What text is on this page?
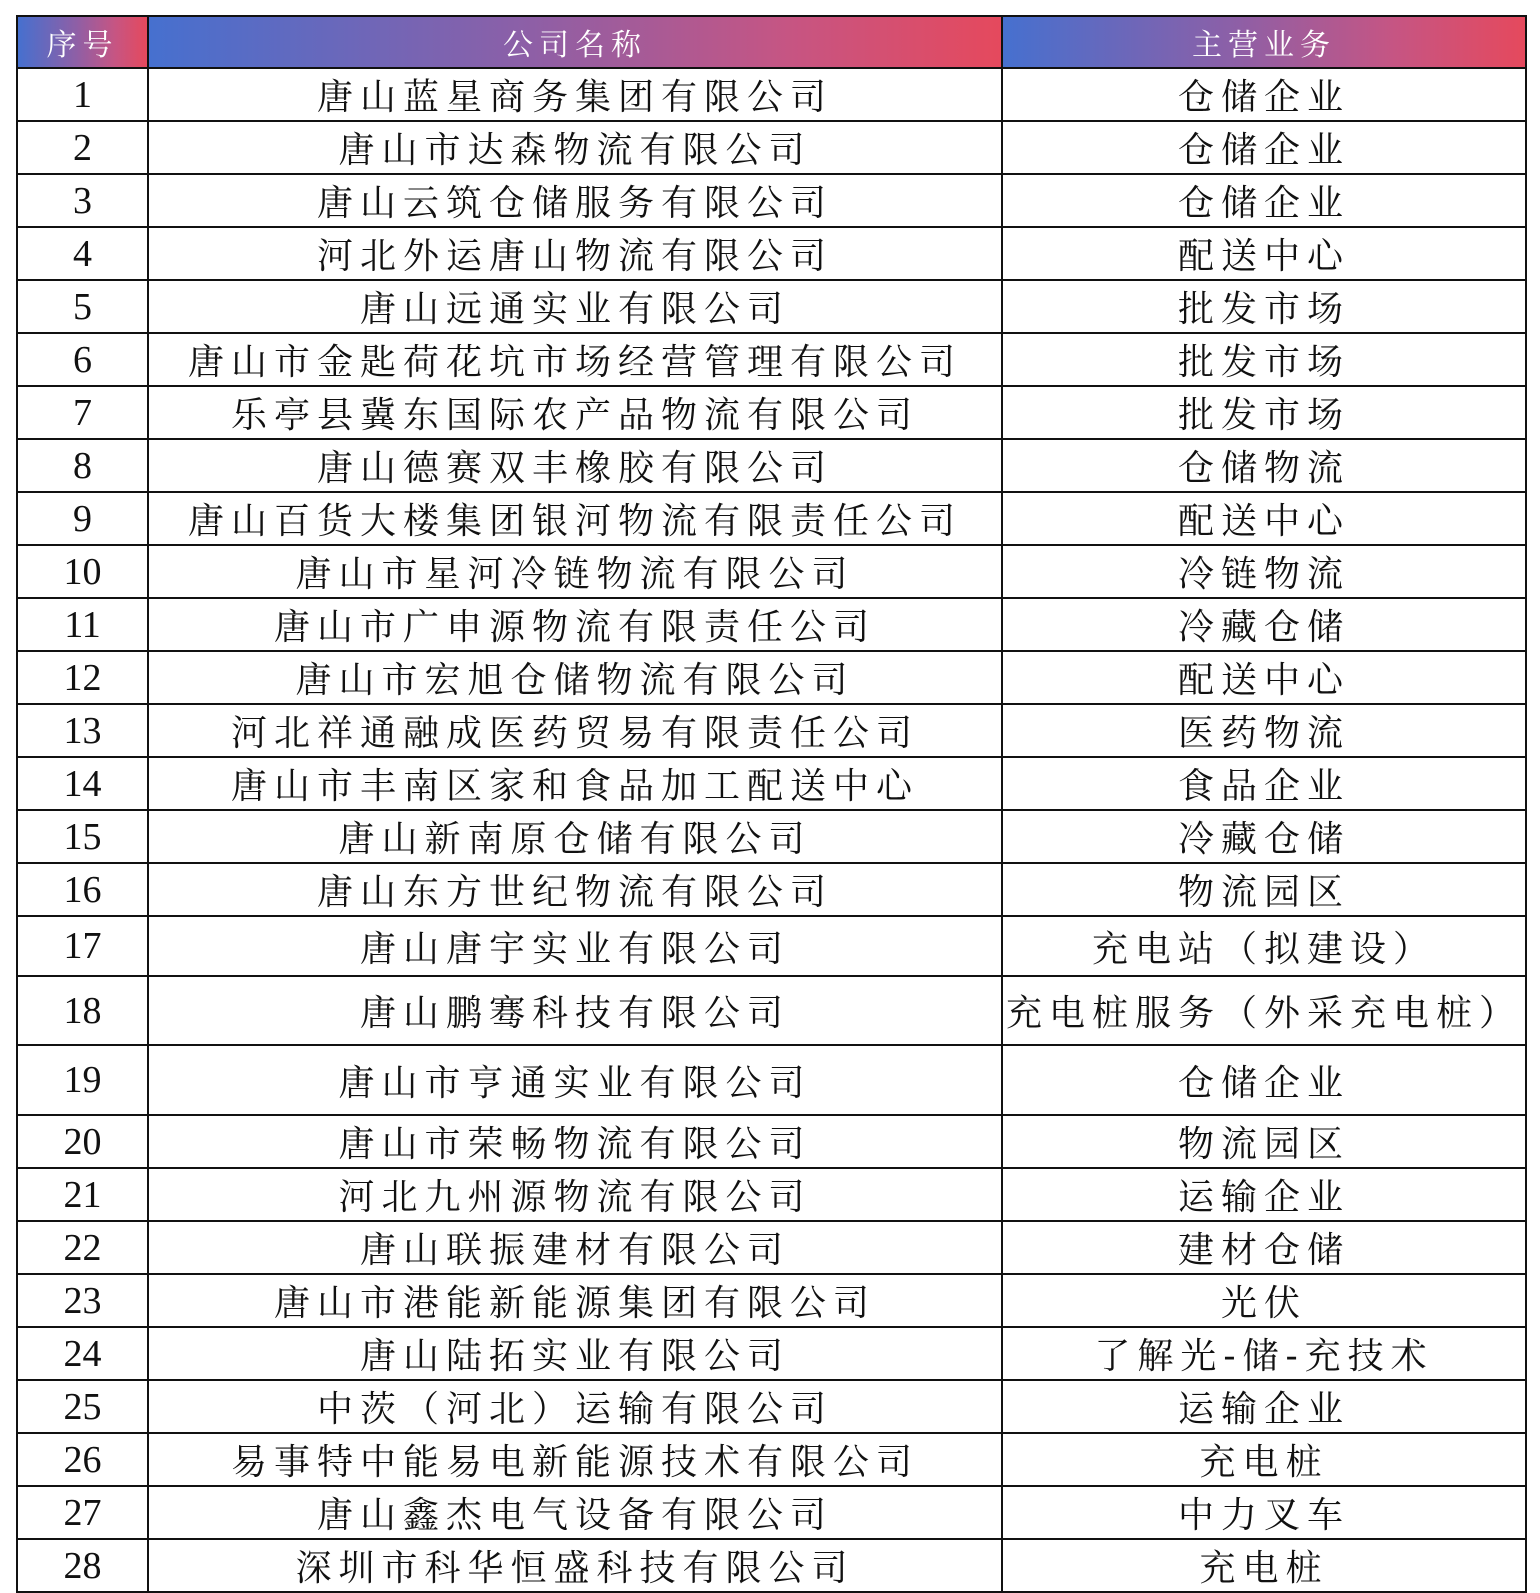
序号	公司名称	主营业务
1	唐山蓝星商务集团有限公司	仓储企业
2	唐山市达森物流有限公司	仓储企业
3	唐山云筑仓储服务有限公司	仓储企业
4	河北外运唐山物流有限公司	配送中心
5	唐山远通实业有限公司	批发市场
6	唐山市金匙荷花坑市场经营管理有限公司	批发市场
7	乐亭县冀东国际农产品物流有限公司	批发市场
8	唐山德赛双丰橡胶有限公司	仓储物流
9	唐山百货大楼集团银河物流有限责任公司	配送中心
10	唐山市星河冷链物流有限公司	冷链物流
11	唐山市广申源物流有限责任公司	冷藏仓储
12	唐山市宏旭仓储物流有限公司	配送中心
13	河北祥通融成医药贸易有限责任公司	医药物流
14	唐山市丰南区家和食品加工配送中心	食品企业
15	唐山新南原仓储有限公司	冷藏仓储
16	唐山东方世纪物流有限公司	物流园区
17	唐山唐宇实业有限公司	充电站（拟建设）
18	唐山鹏骞科技有限公司	充电桩服务（外采充电桩）
19	唐山市亨通实业有限公司	仓储企业
20	唐山市荣畅物流有限公司	物流园区
21	河北九州源物流有限公司	运输企业
22	唐山联振建材有限公司	建材仓储
23	唐山市港能新能源集团有限公司	光伏
24	唐山陆拓实业有限公司	了解光-储-充技术
25	中茨（河北）运输有限公司	运输企业
26	易事特中能易电新能源技术有限公司	充电桩
27	唐山鑫杰电气设备有限公司	中力叉车
28	深圳市科华恒盛科技有限公司	充电桩
